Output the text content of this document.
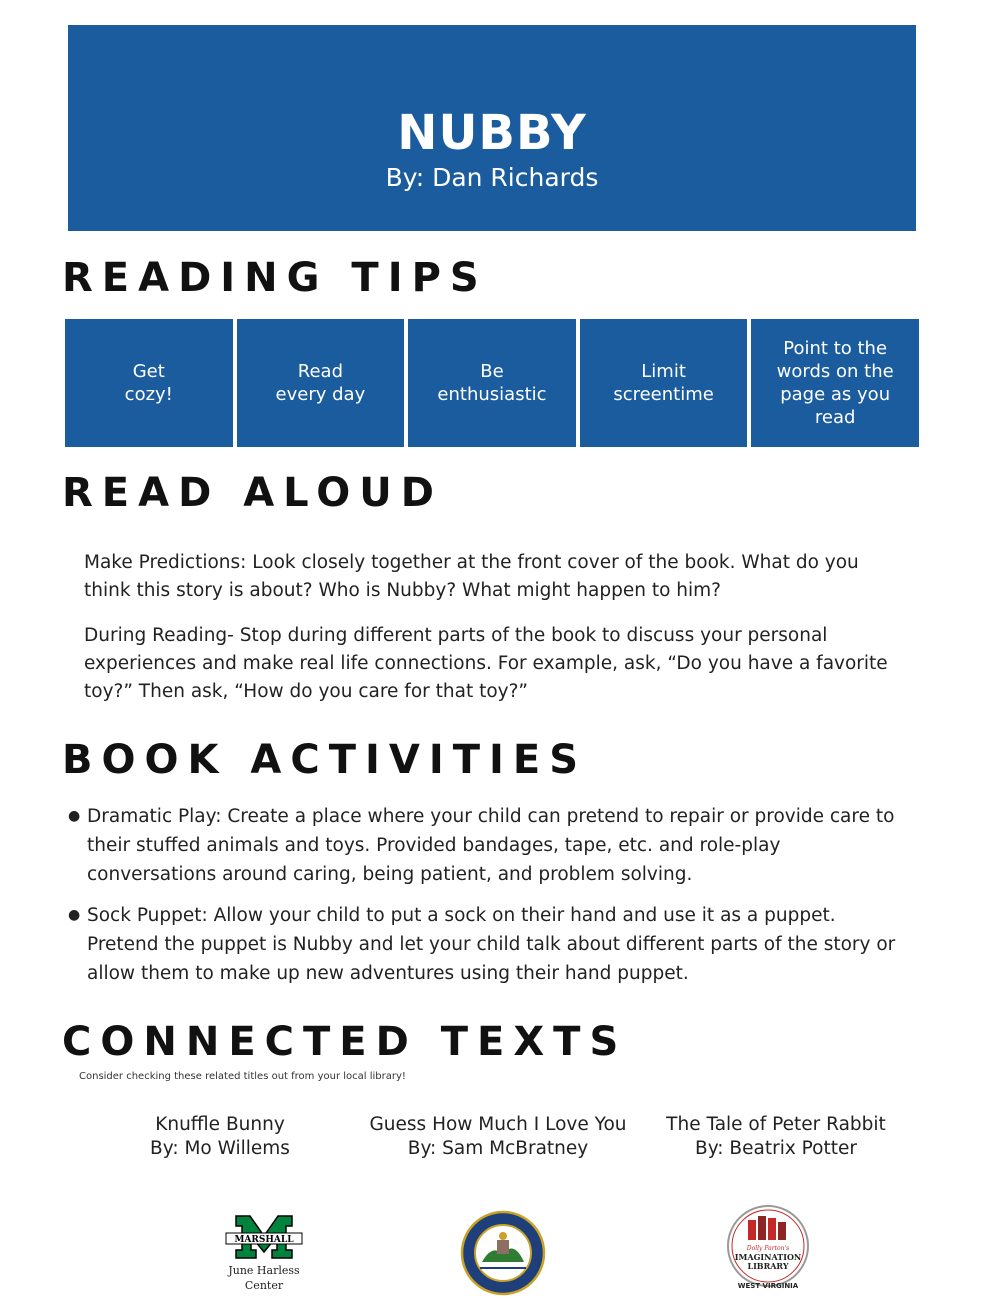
NUBBY
By: Dan Richards
READING TIPS
Get
cozy!
Read
every day
Be
enthusiastic
Limit
screentime
Point to the
words on the
page as you
read
READ ALOUD
Make Predictions: Look closely together at the front cover of the book. What do you think this story is about? Who is Nubby? What might happen to him?
During Reading- Stop during different parts of the book to discuss your personal experiences and make real life connections. For example, ask, “Do you have a favorite toy?” Then ask, “How do you care for that toy?”
BOOK ACTIVITIES
● Dramatic Play: Create a place where your child can pretend to repair or provide care to their stuffed animals and toys. Provided bandages, tape, etc. and role-play conversations around caring, being patient, and problem solving.
● Sock Puppet: Allow your child to put a sock on their hand and use it as a puppet. Pretend the puppet is Nubby and let your child talk about different parts of the story or allow them to make up new adventures using their hand puppet.
CONNECTED TEXTS
Consider checking these related titles out from your local library!
Knuffle Bunny
By: Mo Willems
Guess How Much I Love You
By: Sam McBratney
The Tale of Peter Rabbit
By: Beatrix Potter
MARSHALL
June Harless
Center
Dolly Parton's
IMAGINATION
LIBRARY
WEST VIRGINIA
